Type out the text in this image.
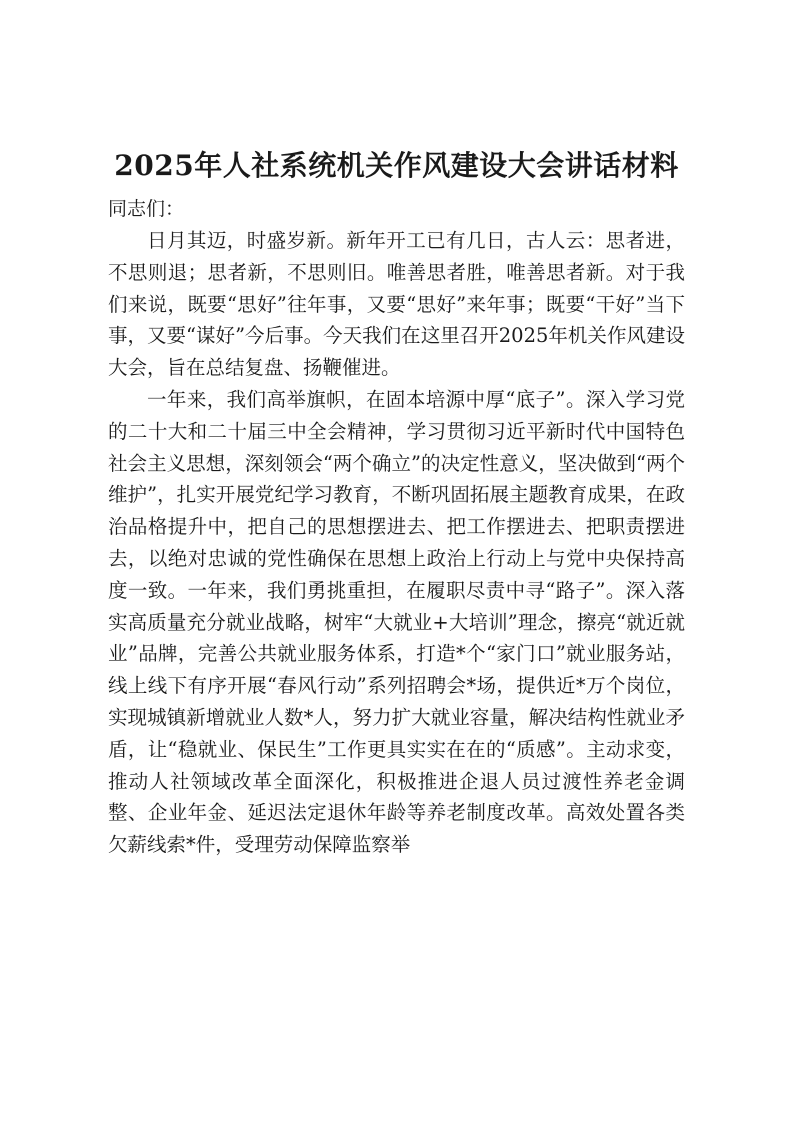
2025年人社系统机关作风建设大会讲话材料

同志们：

日月其迈，时盛岁新。新年开工已有几日，古人云：思者进，不思则退；思者新，不思则旧。唯善思者胜，唯善思者新。对于我们来说，既要“思好”往年事，又要“思好”来年事；既要“干好”当下事，又要“谋好”今后事。今天我们在这里召开2025年机关作风建设大会，旨在总结复盘、扬鞭催进。

一年来，我们高举旗帜，在固本培源中厚“底子”。深入学习党的二十大和二十届三中全会精神，学习贯彻习近平新时代中国特色社会主义思想，深刻领会“两个确立”的决定性意义，坚决做到“两个维护”，扎实开展党纪学习教育，不断巩固拓展主题教育成果，在政治品格提升中，把自己的思想摆进去、把工作摆进去、把职责摆进去，以绝对忠诚的党性确保在思想上政治上行动上与党中央保持高度一致。一年来，我们勇挑重担，在履职尽责中寻“路子”。深入落实高质量充分就业战略，树牢“大就业+大培训”理念，擦亮“就近就业”品牌，完善公共就业服务体系，打造*个“家门口”就业服务站，线上线下有序开展“春风行动”系列招聘会*场，提供近*万个岗位，实现城镇新增就业人数*人，努力扩大就业容量，解决结构性就业矛盾，让“稳就业、保民生”工作更具实实在在的“质感”。主动求变，推动人社领域改革全面深化，积极推进企退人员过渡性养老金调整、企业年金、延迟法定退休年龄等养老制度改革。高效处置各类欠薪线索*件，受理劳动保障监察举
